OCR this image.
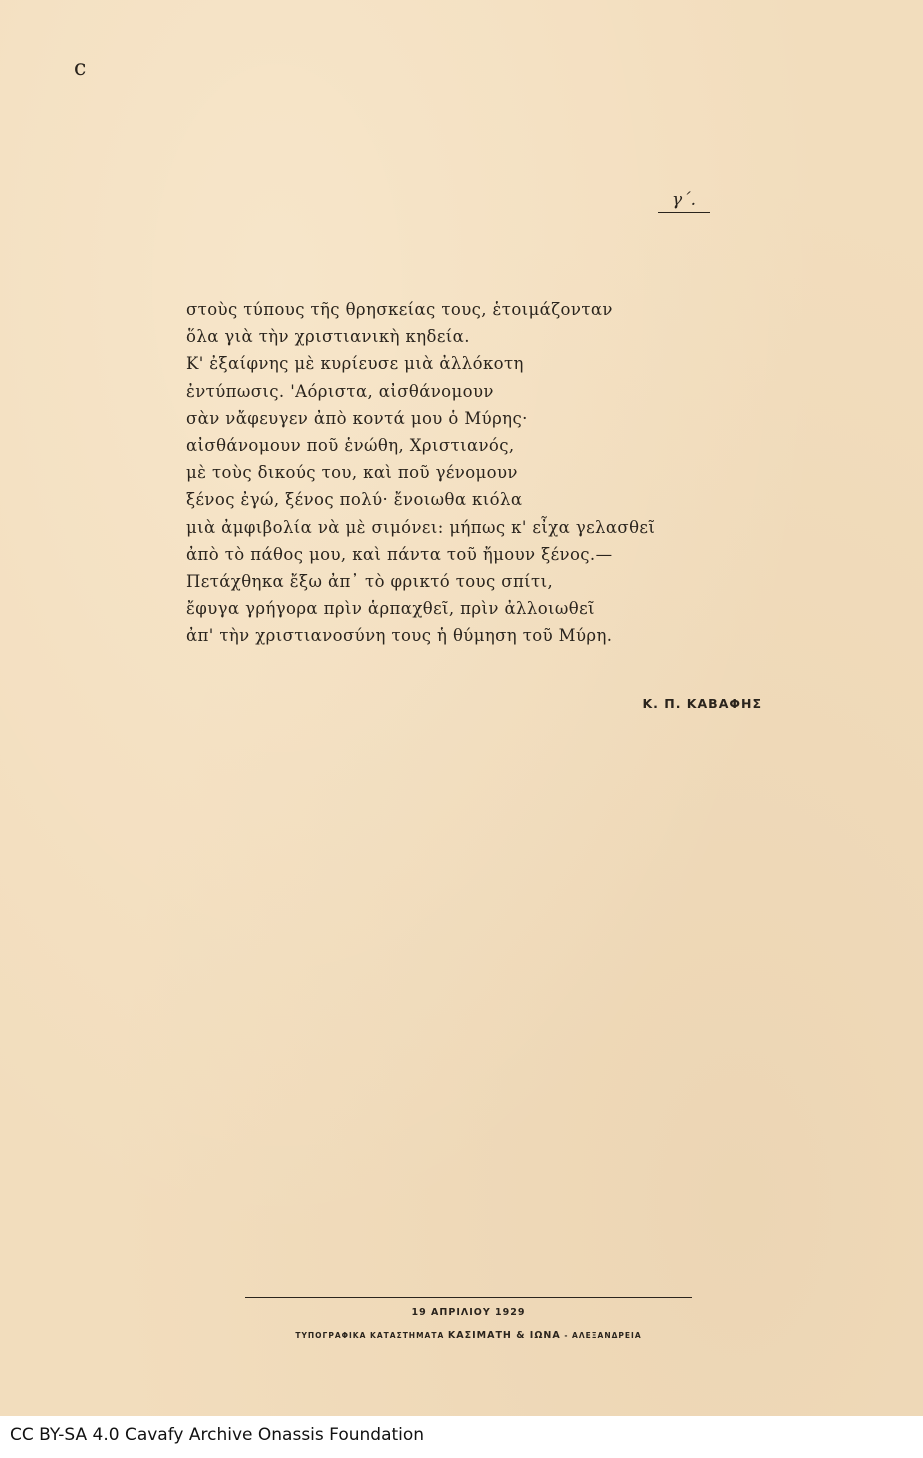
ϲ
γ΄.
στοὺς τύπους τῆς θρησκείας τους, ἑτοιμάζονταν
ὅλα γιὰ τὴν χριστιανικὴ κηδεία.
Κ' ἐξαίφνης μὲ κυρίευσε μιὰ ἀλλόκοτη
ἐντύπωσις. 'Αόριστα, αἰσθάνομουν
σὰν νἄφευγεν ἀπὸ κοντά μου ὁ Μύρης·
αἰσθάνομουν ποῦ ἑνώθη, Χριστιανός,
μὲ τοὺς δικούς του, καὶ ποῦ γένομουν
ξένος ἐγώ, ξένος πολύ· ἔνοιωθα κιόλα
μιὰ ἀμφιβολία νὰ μὲ σιμόνει: μήπως κ' εἶχα γελασθεῖ
ἀπὸ τὸ πάθος μου, καὶ πάντα τοῦ ἤμουν ξένος.—
Πετάχθηκα ἔξω ἀπ᾽ τὸ φρικτό τους σπίτι,
ἔφυγα γρήγορα πρὶν ἁρπαχθεῖ, πρὶν ἀλλοιωθεῖ
ἀπ' τὴν χριστιανοσύνη τους ἡ θύμηση τοῦ Μύρη.
Κ. Π. ΚΑΒΑΦΗΣ
19 ΑΠΡΙΛΙΟΥ 1929
ΤΥΠΟΓΡΑΦΙΚΑ ΚΑΤΑΣΤΗΜΑΤΑ ΚΑΣΙΜΑΤΗ & ΙΩΝΑ - ΑΛΕΞΑΝΔΡΕΙΑ
CC BY-SA 4.0 Cavafy Archive Onassis Foundation
